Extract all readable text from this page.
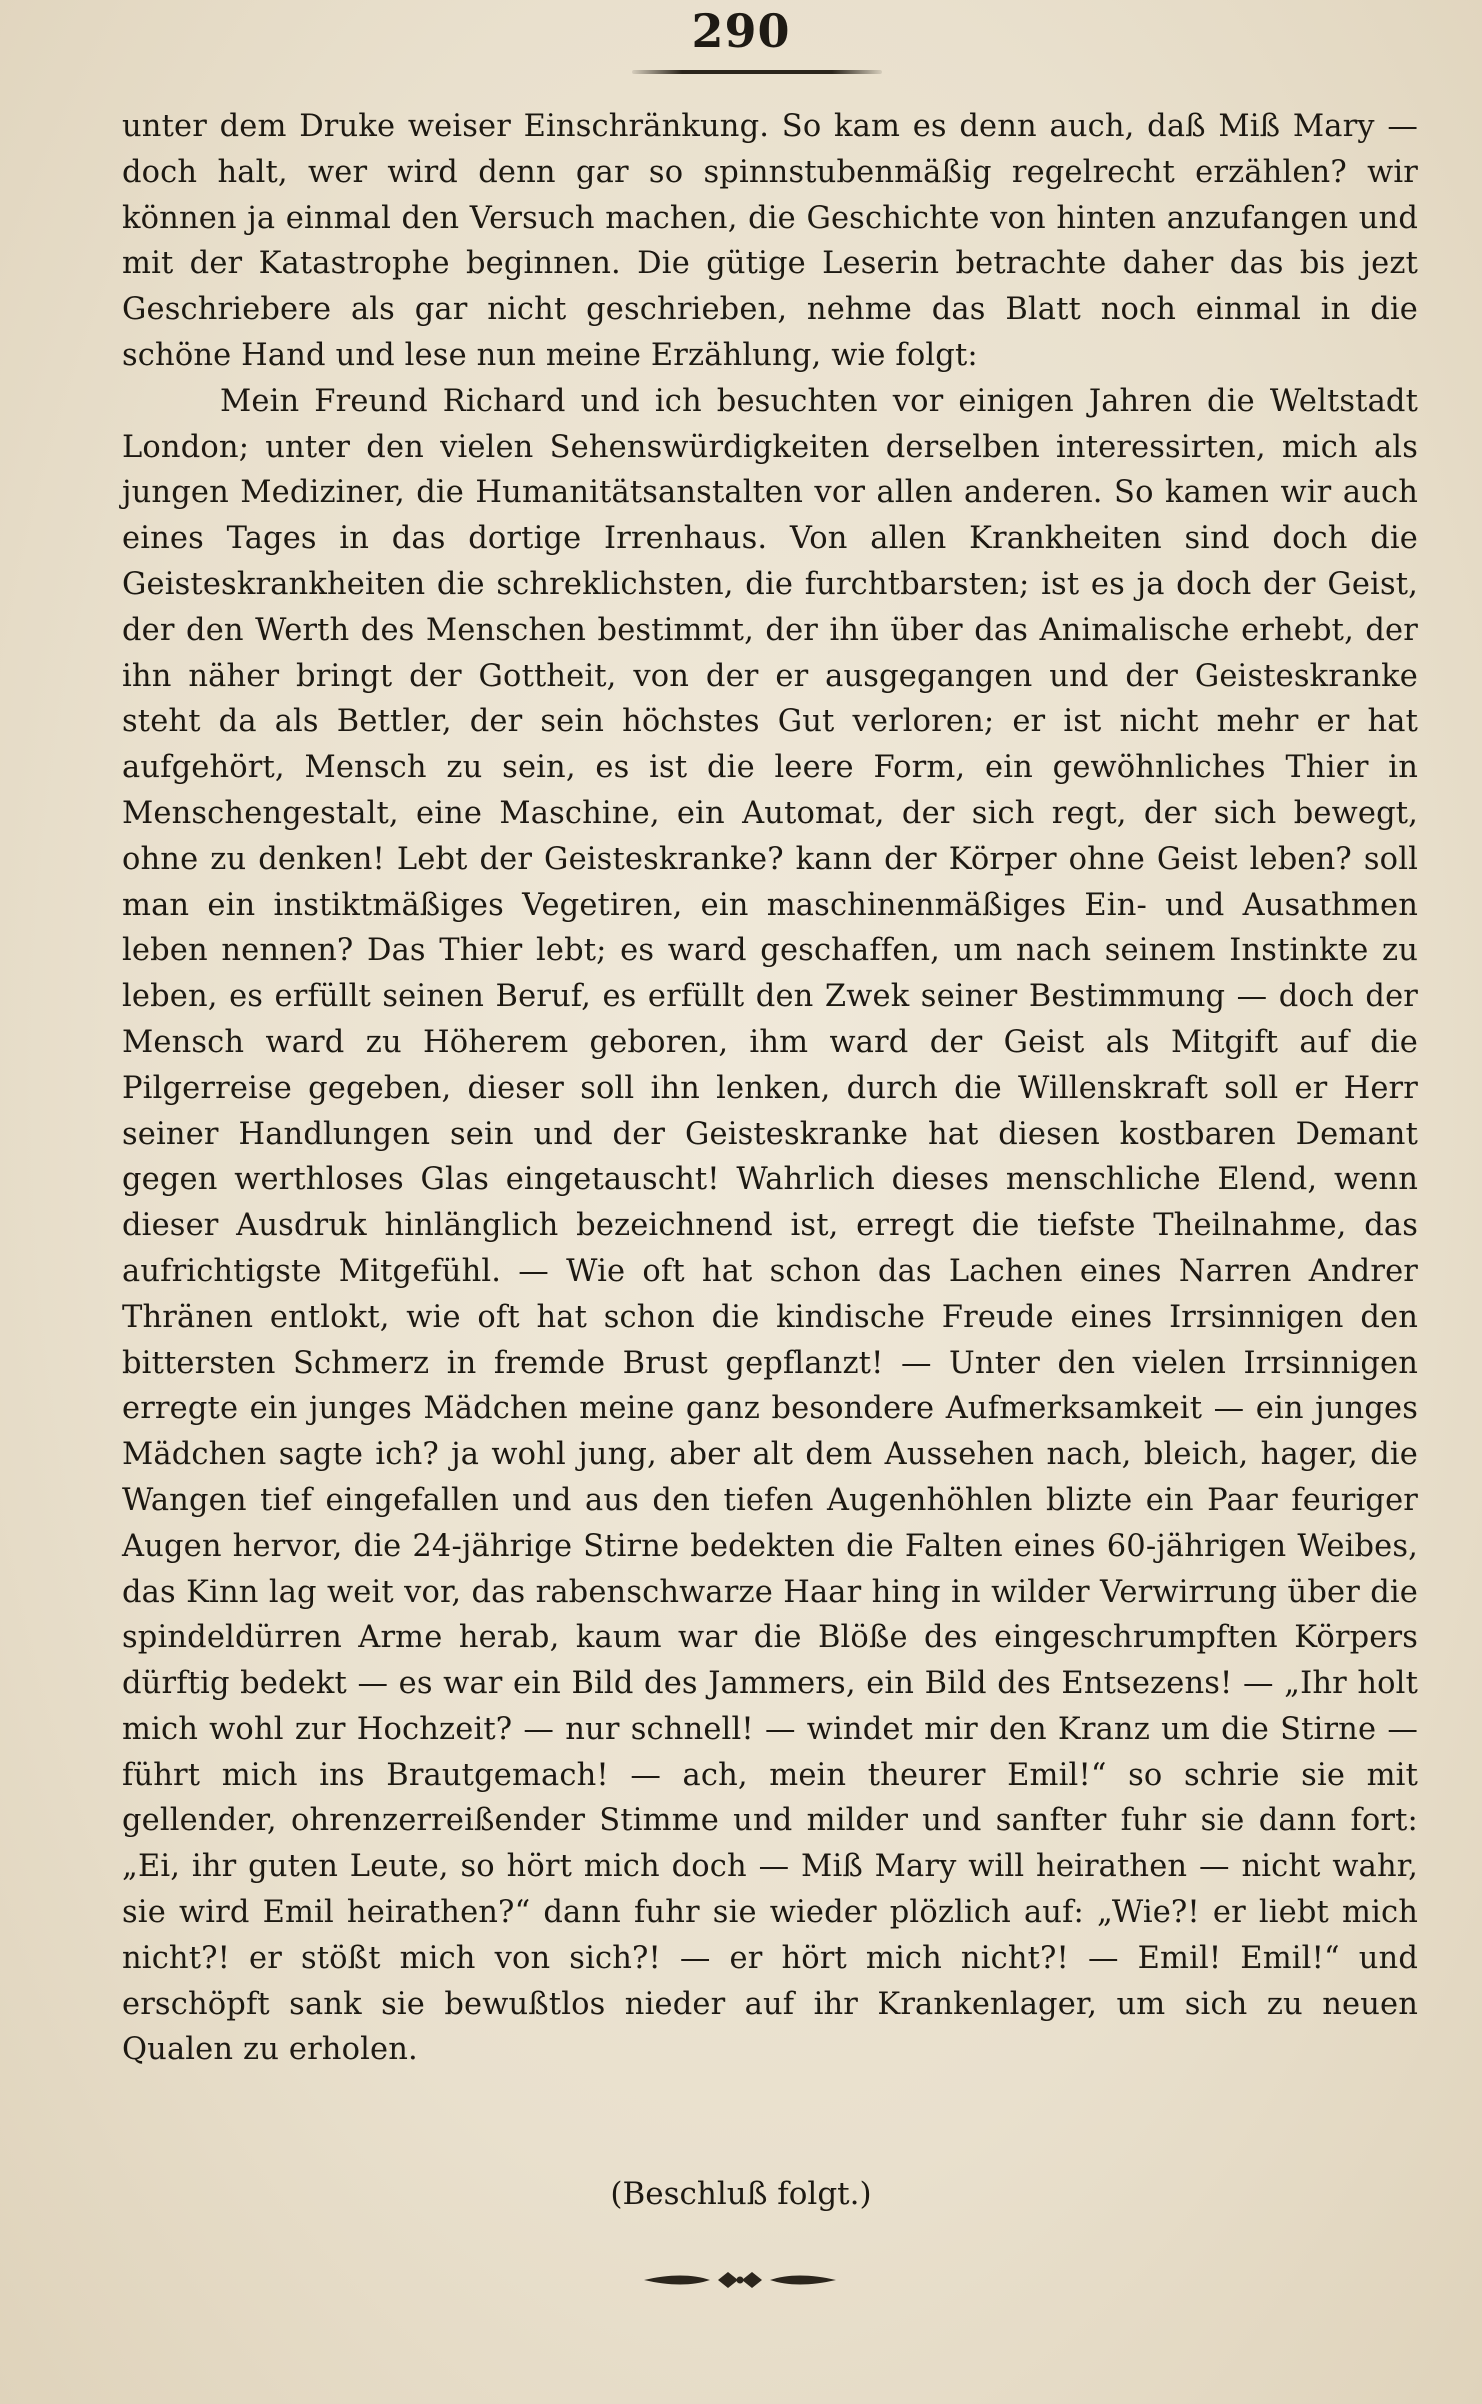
290

unter dem Druke weiser Einschränkung. So kam es denn auch, daß Miß Mary — doch halt, wer wird denn gar so spinnstubenmäßig regelrecht erzählen? wir können ja einmal den Versuch machen, die Geschichte von hinten anzufangen und mit der Katastrophe beginnen. Die gütige Leserin betrachte daher das bis jezt Geschriebere als gar nicht geschrieben, nehme das Blatt noch einmal in die schöne Hand und lese nun meine Erzählung, wie folgt:

Mein Freund Richard und ich besuchten vor einigen Jahren die Weltstadt London; unter den vielen Sehenswürdigkeiten derselben interessirten, mich als jungen Mediziner, die Humanitätsanstalten vor allen anderen. So kamen wir auch eines Tages in das dortige Irrenhaus. Von allen Krankheiten sind doch die Geisteskrankheiten die schreklichsten, die furchtbarsten; ist es ja doch der Geist, der den Werth des Menschen bestimmt, der ihn über das Animalische erhebt, der ihn näher bringt der Gottheit, von der er ausgegangen und der Geisteskranke steht da als Bettler, der sein höchstes Gut verloren; er ist nicht mehr er hat aufgehört, Mensch zu sein, es ist die leere Form, ein gewöhnliches Thier in Menschengestalt, eine Maschine, ein Automat, der sich regt, der sich bewegt, ohne zu denken! Lebt der Geisteskranke? kann der Körper ohne Geist leben? soll man ein instiktmäßiges Vegetiren, ein maschinenmäßiges Ein- und Ausathmen leben nennen? Das Thier lebt; es ward geschaffen, um nach seinem Instinkte zu leben, es erfüllt seinen Beruf, es erfüllt den Zwek seiner Bestimmung — doch der Mensch ward zu Höherem geboren, ihm ward der Geist als Mitgift auf die Pilgerreise gegeben, dieser soll ihn lenken, durch die Willenskraft soll er Herr seiner Handlungen sein und der Geisteskranke hat diesen kostbaren Demant gegen werthloses Glas eingetauscht! Wahrlich dieses menschliche Elend, wenn dieser Ausdruk hinlänglich bezeichnend ist, erregt die tiefste Theilnahme, das aufrichtigste Mitgefühl. — Wie oft hat schon das Lachen eines Narren Andrer Thränen entlokt, wie oft hat schon die kindische Freude eines Irrsinnigen den bittersten Schmerz in fremde Brust gepflanzt! — Unter den vielen Irrsinnigen erregte ein junges Mädchen meine ganz besondere Aufmerksamkeit — ein junges Mädchen sagte ich? ja wohl jung, aber alt dem Aussehen nach, bleich, hager, die Wangen tief eingefallen und aus den tiefen Augenhöhlen blizte ein Paar feuriger Augen hervor, die 24-jährige Stirne bedekten die Falten eines 60-jährigen Weibes, das Kinn lag weit vor, das rabenschwarze Haar hing in wilder Verwirrung über die spindeldürren Arme herab, kaum war die Blöße des eingeschrumpften Körpers dürftig bedekt — es war ein Bild des Jammers, ein Bild des Entsezens! — „Ihr holt mich wohl zur Hochzeit? — nur schnell! — windet mir den Kranz um die Stirne — führt mich ins Brautgemach! — ach, mein theurer Emil!“ so schrie sie mit gellender, ohrenzerreißender Stimme und milder und sanfter fuhr sie dann fort: „Ei, ihr guten Leute, so hört mich doch — Miß Mary will heirathen — nicht wahr, sie wird Emil heirathen?“ dann fuhr sie wieder plözlich auf: „Wie?! er liebt mich nicht?! er stößt mich von sich?! — er hört mich nicht?! — Emil! Emil!“ und erschöpft sank sie bewußtlos nieder auf ihr Krankenlager, um sich zu neuen Qualen zu erholen.

(Beschluß folgt.)
